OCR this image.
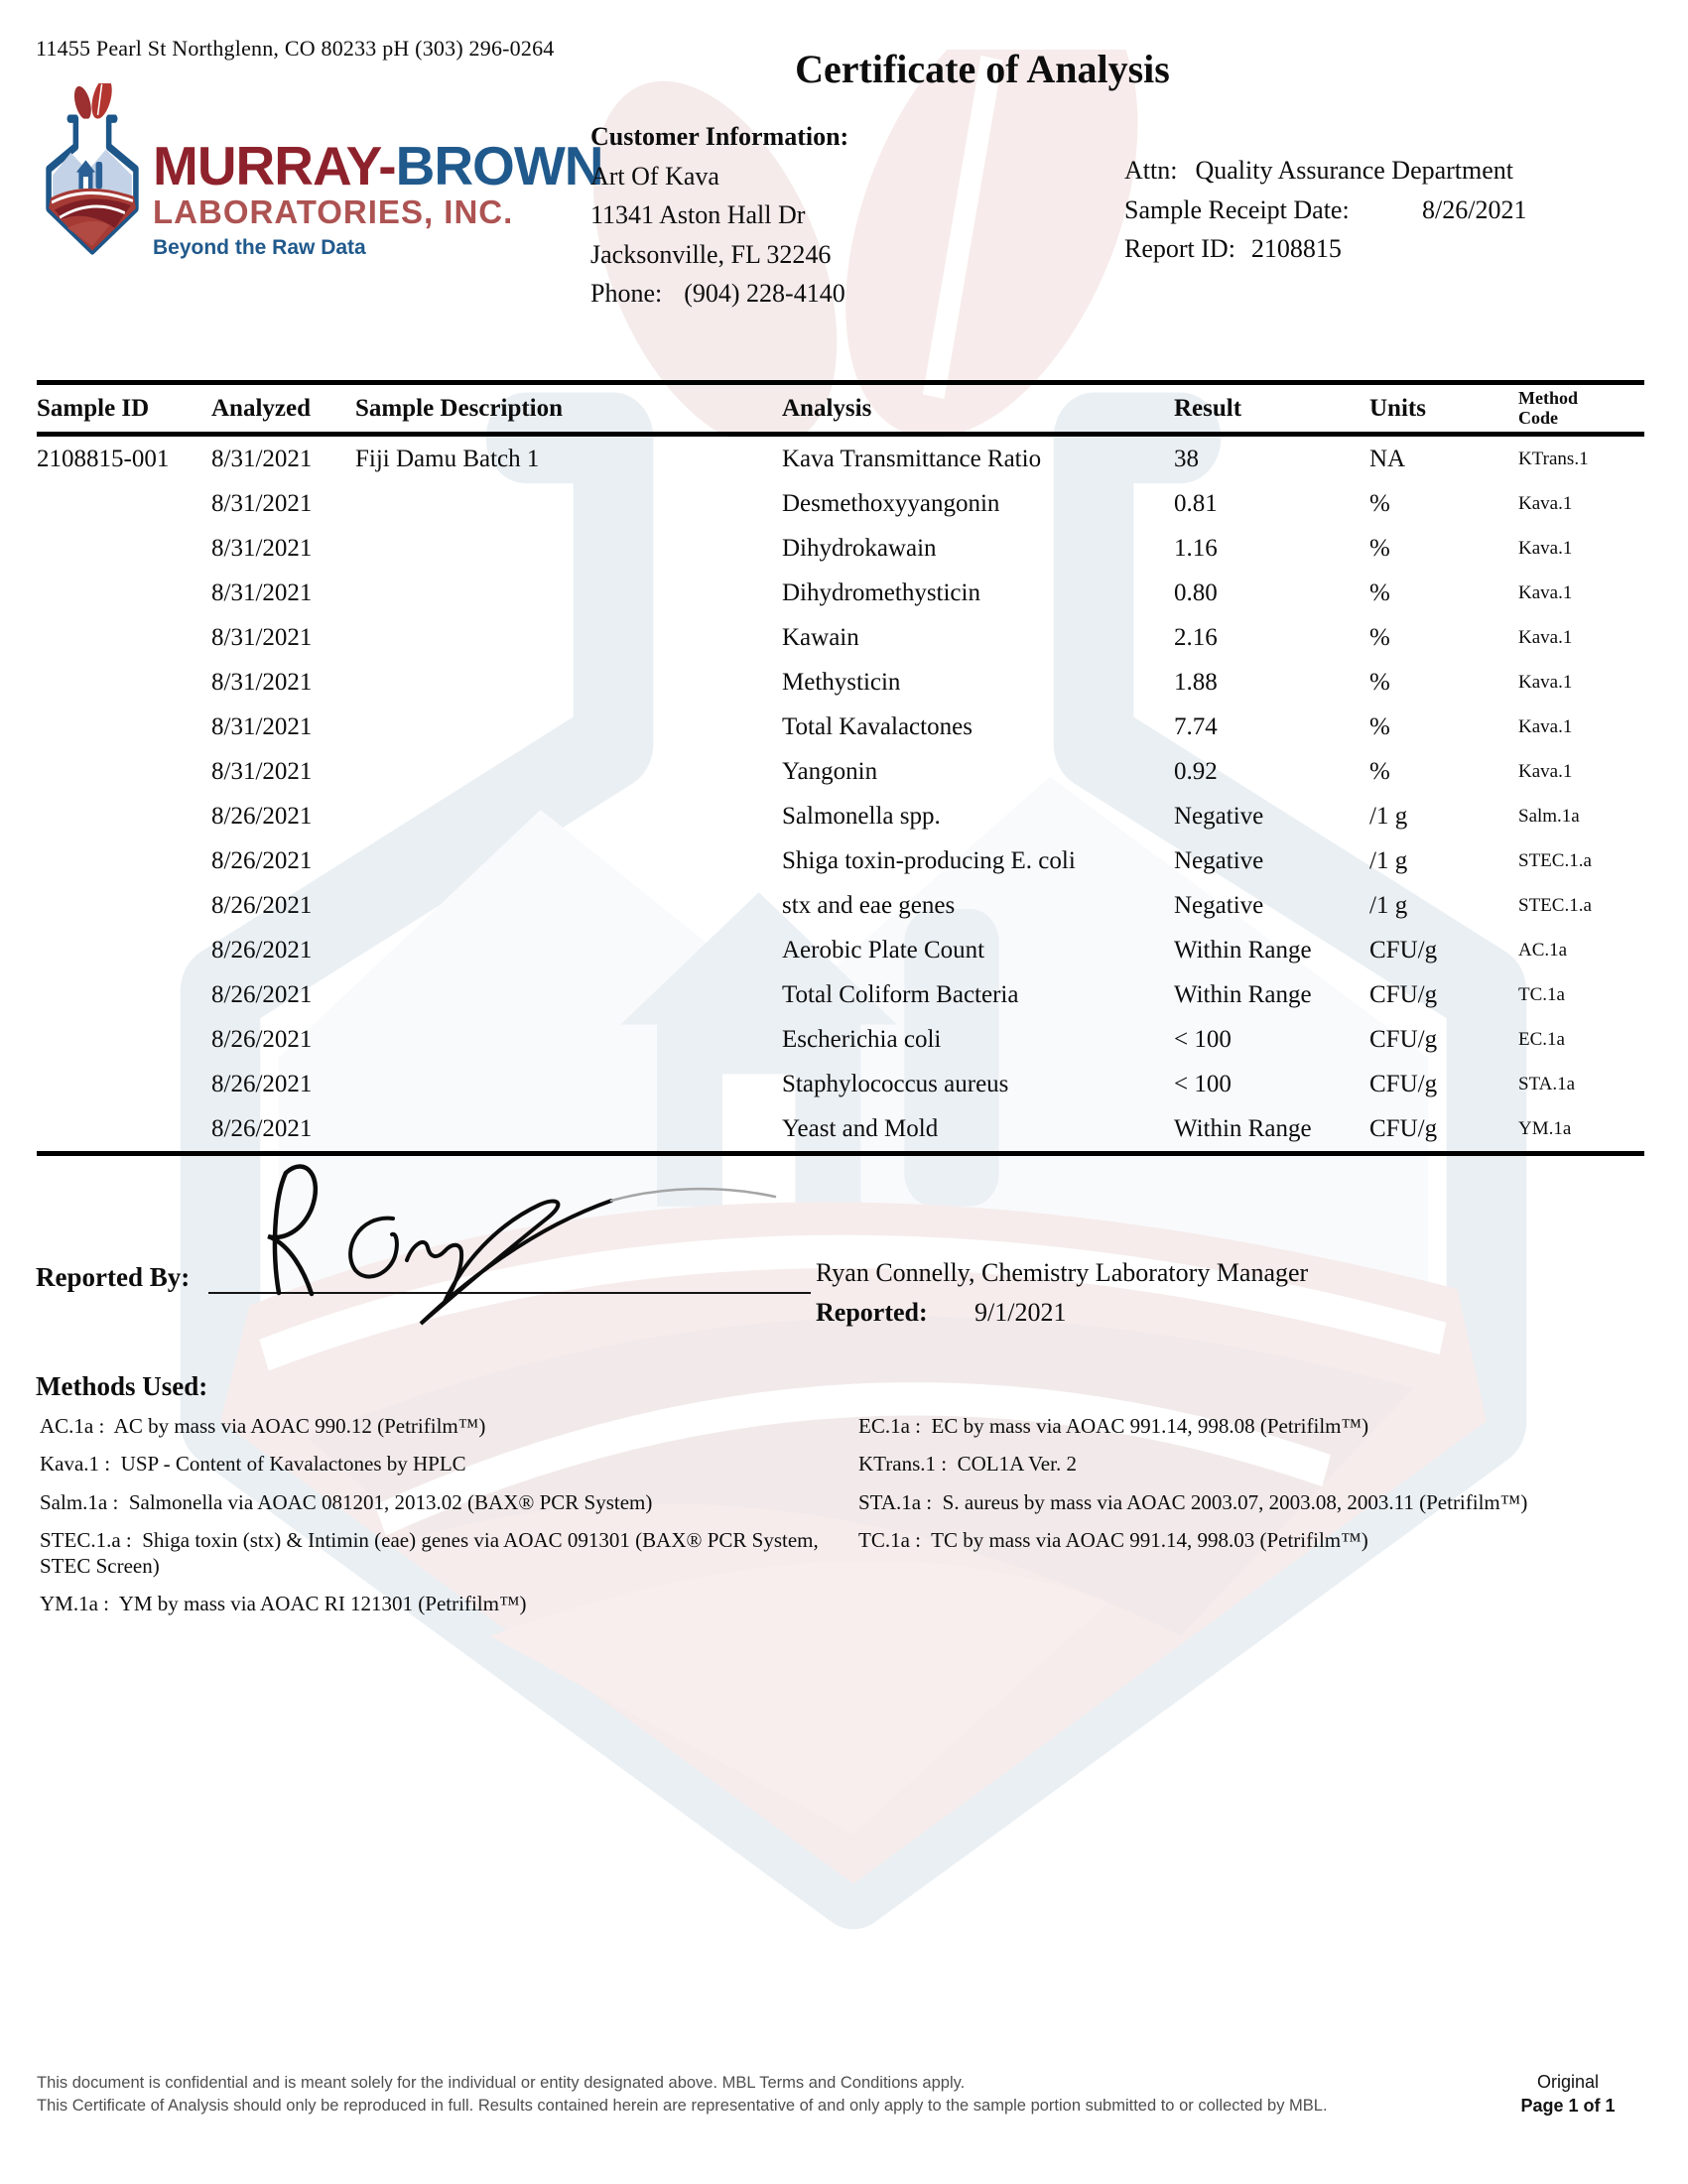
11455 Pearl St Northglenn, CO 80233 pH (303) 296-0264
MURRAY-BROWN
LABORATORIES, INC.
Beyond the Raw Data
Certificate of Analysis
Customer Information:
Art Of Kava
11341 Aston Hall Dr
Jacksonville, FL 32246
Phone: (904) 228-4140
Attn: Quality Assurance Department
Sample Receipt Date:	8/26/2021
Report ID: 2108815
Sample ID	Analyzed	Sample Description	Analysis	Result	Units	Method Code
2108815-001	8/31/2021	Fiji Damu Batch 1	Kava Transmittance Ratio	38	NA	KTrans.1
	8/31/2021		Desmethoxyyangonin	0.81	%	Kava.1
	8/31/2021		Dihydrokawain	1.16	%	Kava.1
	8/31/2021		Dihydromethysticin	0.80	%	Kava.1
	8/31/2021		Kawain	2.16	%	Kava.1
	8/31/2021		Methysticin	1.88	%	Kava.1
	8/31/2021		Total Kavalactones	7.74	%	Kava.1
	8/31/2021		Yangonin	0.92	%	Kava.1
	8/26/2021		Salmonella spp.	Negative	/1 g	Salm.1a
	8/26/2021		Shiga toxin-producing E. coli	Negative	/1 g	STEC.1.a
	8/26/2021		stx and eae genes	Negative	/1 g	STEC.1.a
	8/26/2021		Aerobic Plate Count	Within Range	CFU/g	AC.1a
	8/26/2021		Total Coliform Bacteria	Within Range	CFU/g	TC.1a
	8/26/2021		Escherichia coli	< 100	CFU/g	EC.1a
	8/26/2021		Staphylococcus aureus	< 100	CFU/g	STA.1a
	8/26/2021		Yeast and Mold	Within Range	CFU/g	YM.1a
Reported By:	Ryan Connelly, Chemistry Laboratory Manager
Reported: 9/1/2021
Methods Used:
AC.1a :  AC by mass via AOAC 990.12 (Petrifilm™)
Kava.1 :  USP - Content of Kavalactones by HPLC
Salm.1a :  Salmonella via AOAC 081201, 2013.02 (BAX® PCR System)
STEC.1.a :  Shiga toxin (stx) & Intimin (eae) genes via AOAC 091301 (BAX® PCR System, STEC Screen)
YM.1a :  YM by mass via AOAC RI 121301 (Petrifilm™)
EC.1a :  EC by mass via AOAC 991.14, 998.08 (Petrifilm™)
KTrans.1 :  COL1A Ver. 2
STA.1a :  S. aureus by mass via AOAC 2003.07, 2003.08, 2003.11 (Petrifilm™)
TC.1a :  TC by mass via AOAC 991.14, 998.03 (Petrifilm™)
This document is confidential and is meant solely for the individual or entity designated above. MBL Terms and Conditions apply.
This Certificate of Analysis should only be reproduced in full. Results contained herein are representative of and only apply to the sample portion submitted to or collected by MBL.
Original
Page 1 of 1
